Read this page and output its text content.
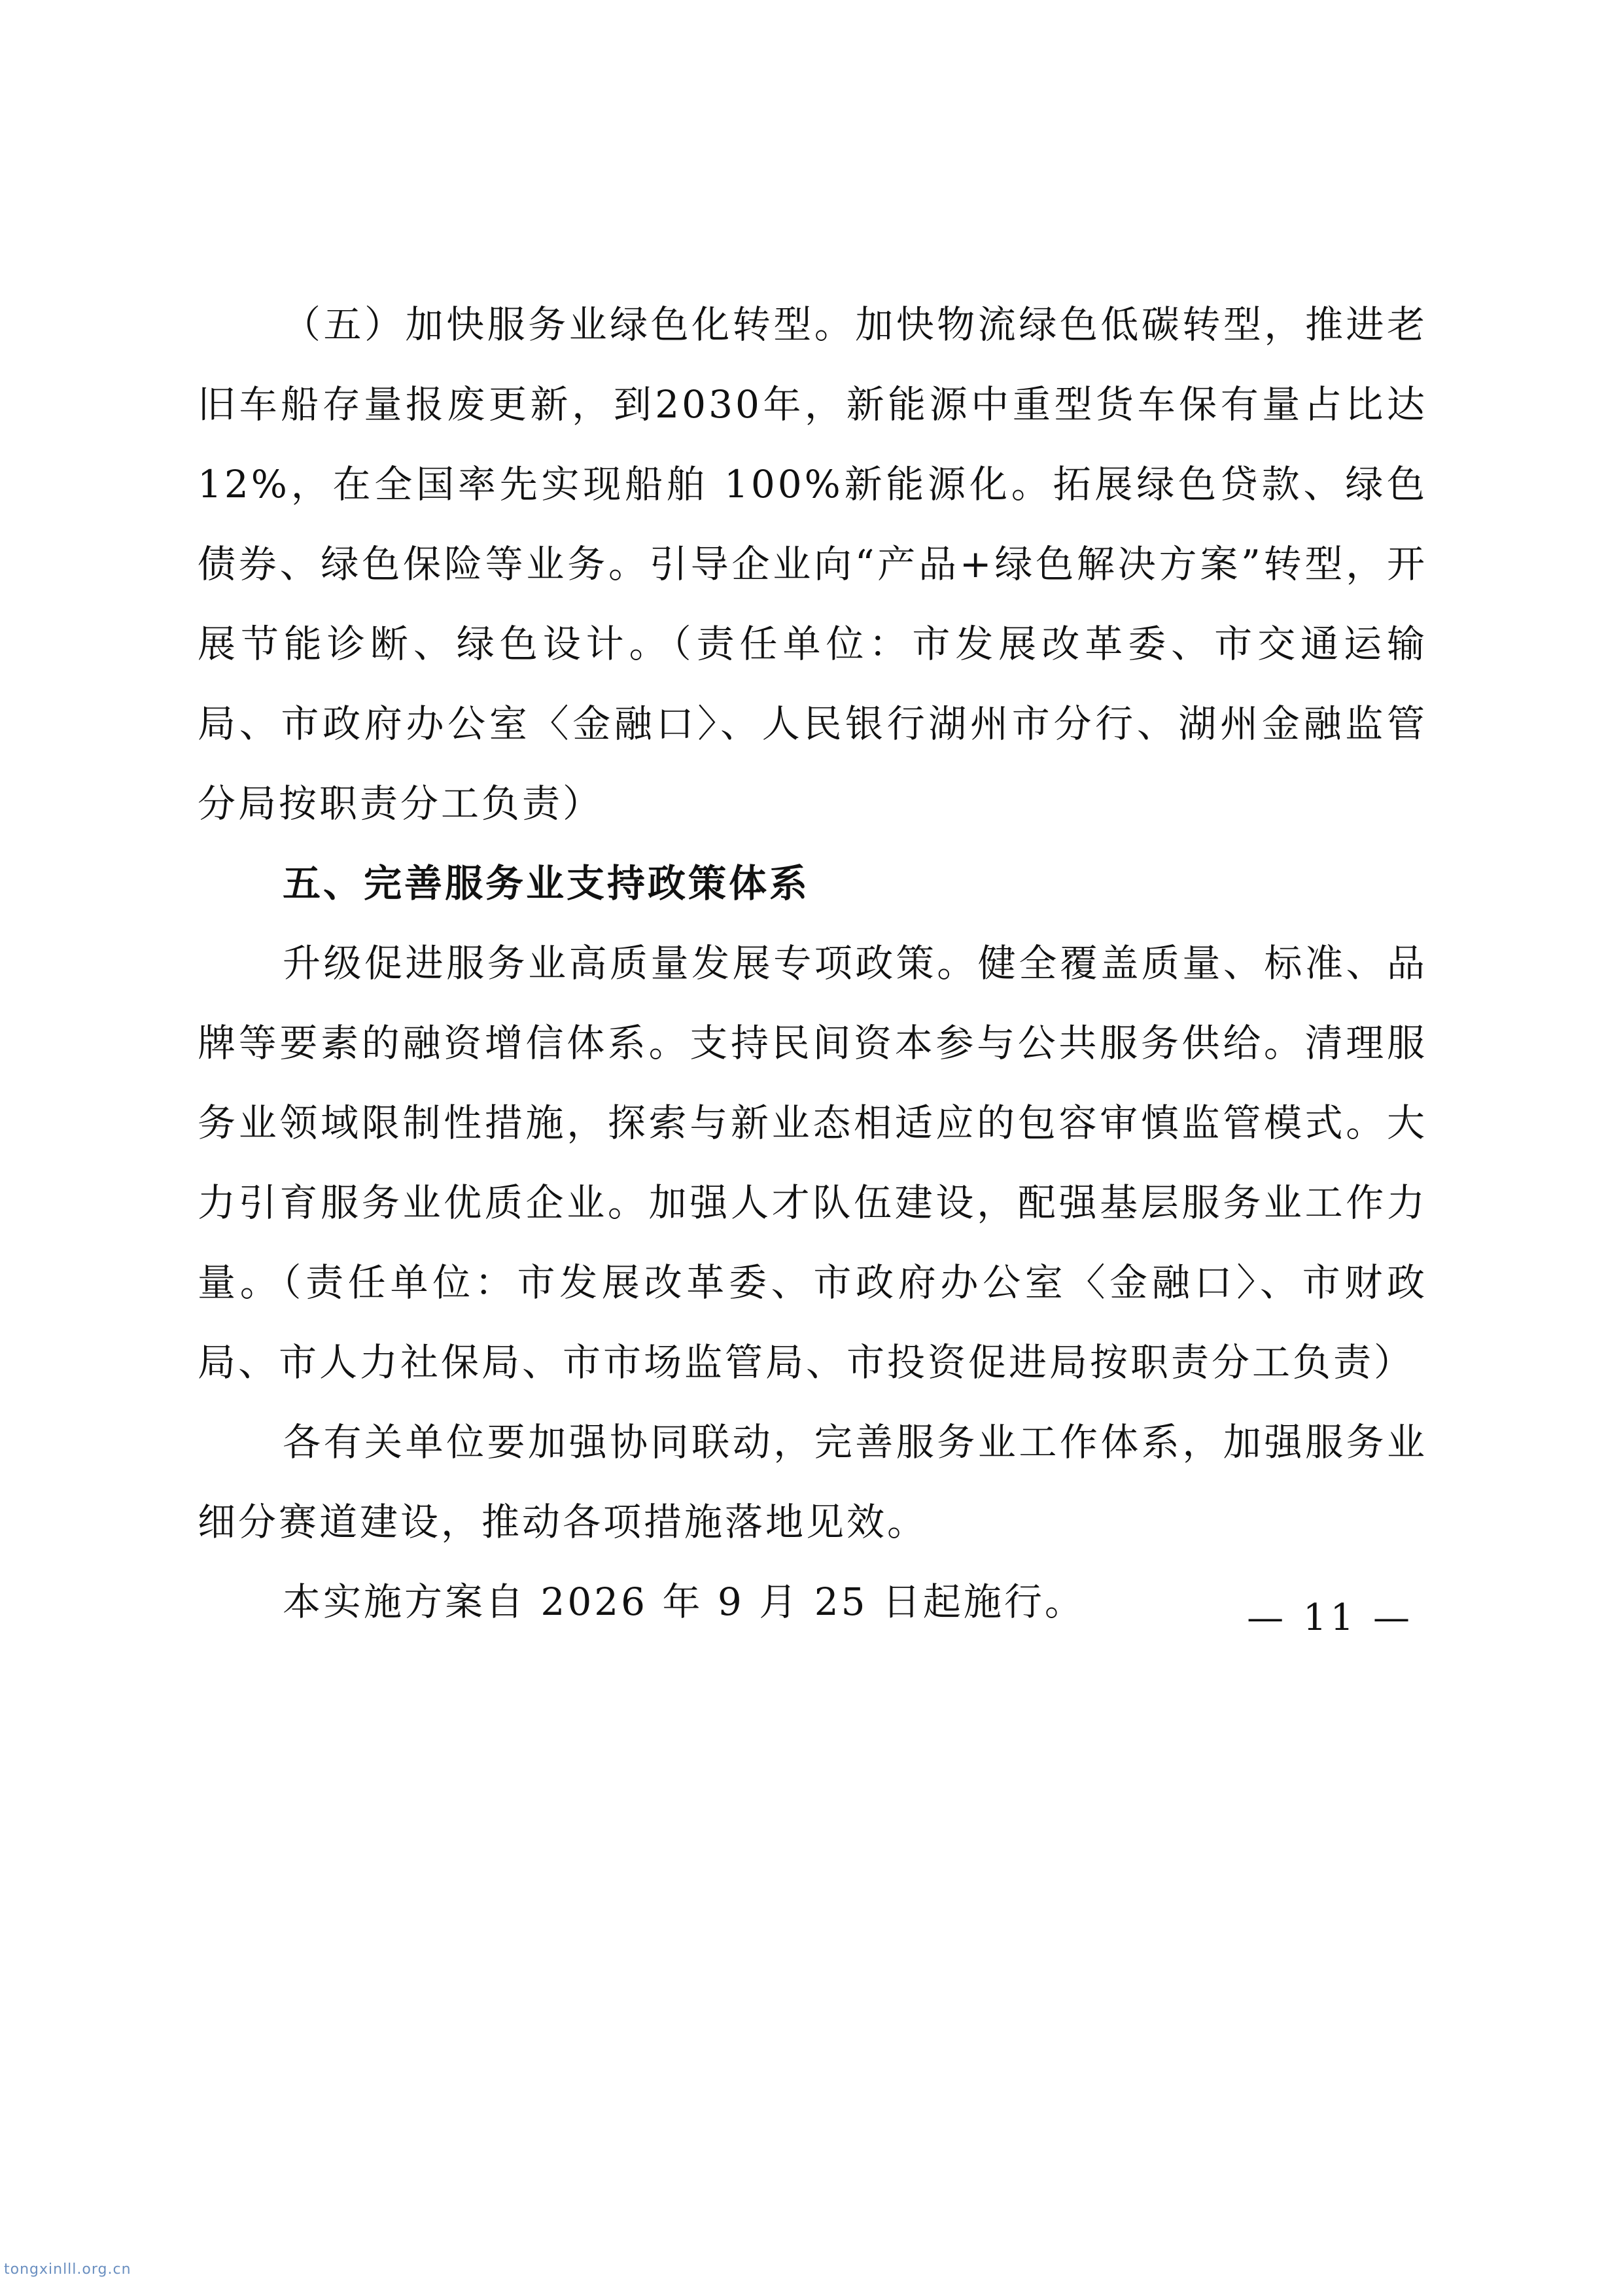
（五）加快服务业绿色化转型。加快物流绿色低碳转型，推进老旧车船存量报废更新，到2030年，新能源中重型货车保有量占比达 12%，在全国率先实现船舶 100%新能源化。拓展绿色贷款、绿色债券、绿色保险等业务。引导企业向“产品+绿色解决方案”转型，开展节能诊断、绿色设计。（责任单位：市发展改革委、市交通运输局、市政府办公室〈金融口〉、人民银行湖州市分行、湖州金融监管分局按职责分工负责）

五、完善服务业支持政策体系

升级促进服务业高质量发展专项政策。健全覆盖质量、标准、品牌等要素的融资增信体系。支持民间资本参与公共服务供给。清理服务业领域限制性措施，探索与新业态相适应的包容审慎监管模式。大力引育服务业优质企业。加强人才队伍建设，配强基层服务业工作力量。（责任单位：市发展改革委、市政府办公室〈金融口〉、市财政局、市人力社保局、市市场监管局、市投资促进局按职责分工负责）

各有关单位要加强协同联动，完善服务业工作体系，加强服务业细分赛道建设，推动各项措施落地见效。

本实施方案自 2026 年 9 月 25 日起施行。	— 11 —
tongxinlll.org.cn
